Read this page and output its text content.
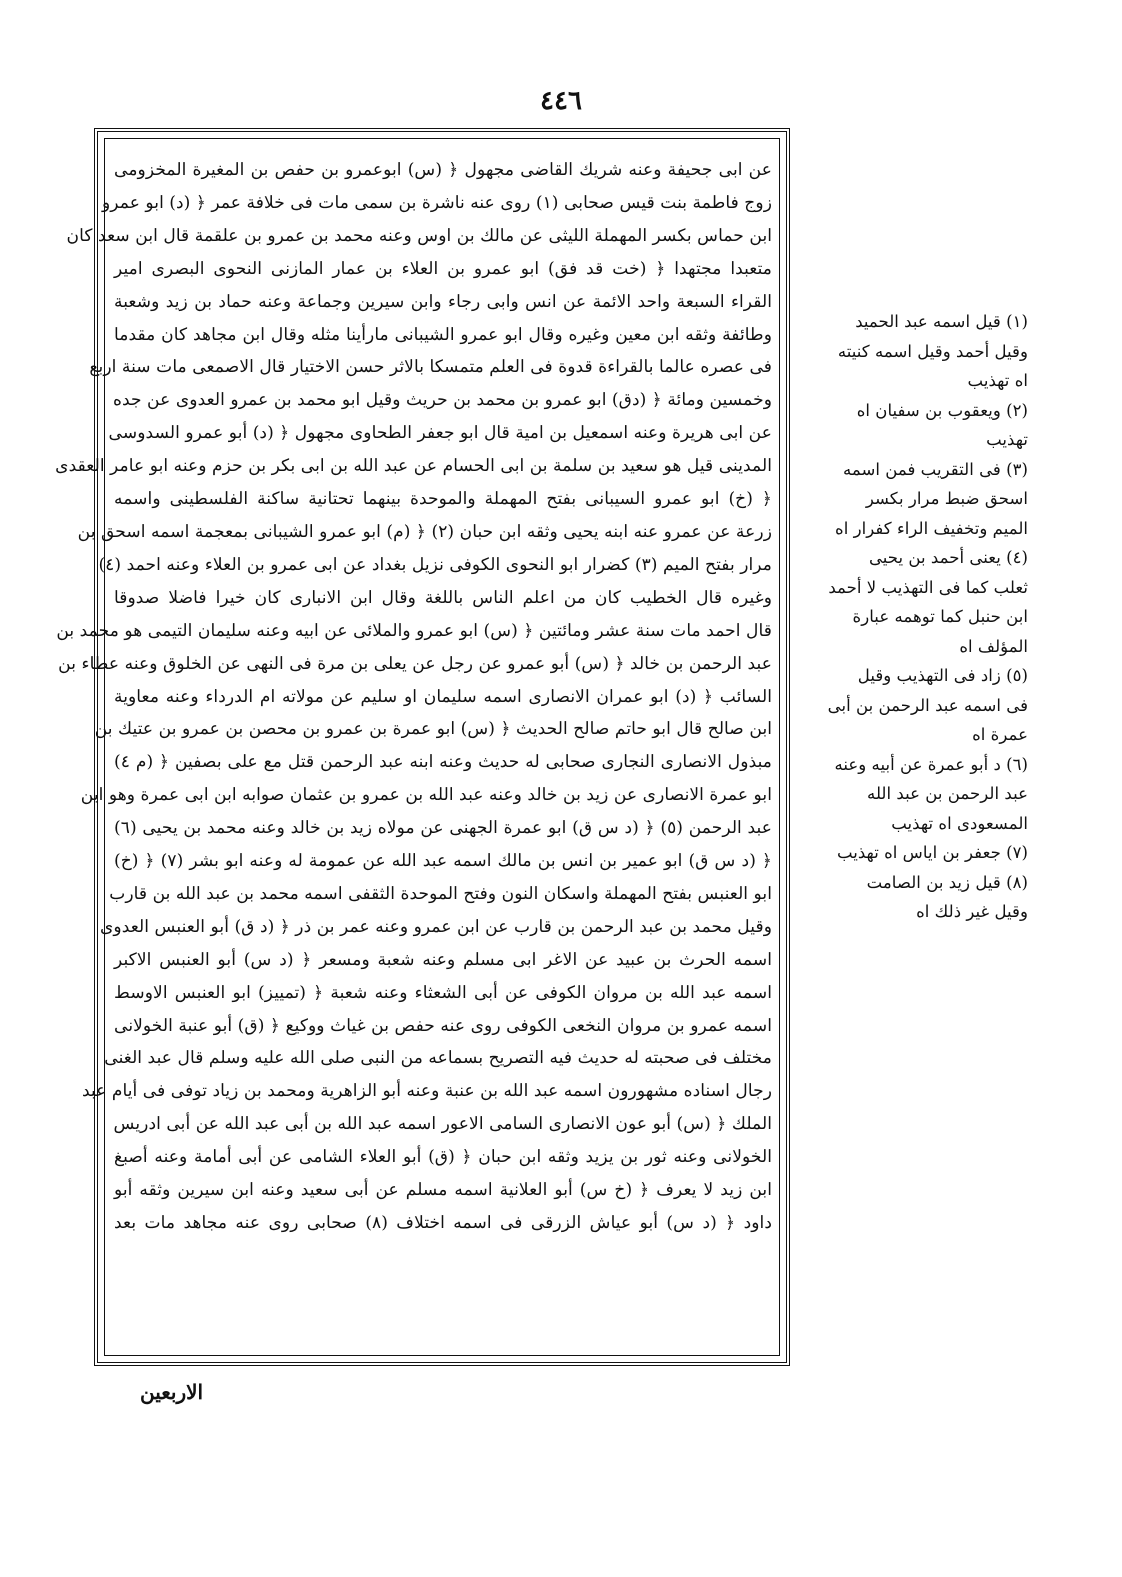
٤٤٦
عن ابی جحیفة وعنه شریك القاضی مجهول ﴿ (س) ابوعمرو بن حفص بن المغیرة المخزومی
زوج فاطمة بنت قیس صحابی (١) روی عنه ناشرة بن سمی مات فی خلافة عمر ﴿ (د) ابو عمرو
ابن حماس بکسر المهملة اللیثی عن مالك بن اوس وعنه محمد بن عمرو بن علقمة قال ابن سعد كان
متعبدا مجتهدا ﴿ (خت قد فق) ابو عمرو بن العلاء بن عمار المازنی النحوی البصری امیر
القراء السبعة واحد الائمة عن انس وابی رجاء وابن سیرین وجماعة وعنه حماد بن زید وشعبة
وطائفة وثقه ابن معین وغیره وقال ابو عمرو الشیبانی مارأینا مثله وقال ابن مجاهد كان مقدما
فی عصره عالما بالقراءة قدوة فی العلم متمسكا بالاثر حسن الاختیار قال الاصمعی مات سنة اربع
وخمسین ومائة ﴿ (دق) ابو عمرو بن محمد بن حریث وقیل ابو محمد بن عمرو العدوی عن جده
عن ابی هریرة وعنه اسمعیل بن امیة قال ابو جعفر الطحاوی مجهول ﴿ (د) أبو عمرو السدوسی
المدینی قیل هو سعید بن سلمة بن ابی الحسام عن عبد الله بن ابی بكر بن حزم وعنه ابو عامر العقدی
﴿ (خ) ابو عمرو السیبانی بفتح المهملة والموحدة بینهما تحتانیة ساكنة الفلسطینی واسمه
زرعة عن عمرو عنه ابنه یحیی وثقه ابن حبان (٢) ﴿ (م) ابو عمرو الشیبانی بمعجمة اسمه اسحق بن
مرار بفتح المیم (٣) كضرار ابو النحوی الكوفی نزیل بغداد عن ابی عمرو بن العلاء وعنه احمد (٤)
وغیره قال الخطیب كان من اعلم الناس باللغة وقال ابن الانباری كان خیرا فاضلا صدوقا
قال احمد مات سنة عشر ومائتین ﴿ (س) ابو عمرو والملائی عن ابیه وعنه سلیمان التیمی هو محمد بن
عبد الرحمن بن خالد ﴿ (س) أبو عمرو عن رجل عن یعلی بن مرة فی النهی عن الخلوق وعنه عطاء بن
السائب ﴿ (د) ابو عمران الانصاری اسمه سلیمان او سلیم عن مولاته ام الدرداء وعنه معاویة
ابن صالح قال ابو حاتم صالح الحدیث ﴿ (س) ابو عمرة بن عمرو بن محصن بن عمرو بن عتیك بن
مبذول الانصاری النجاری صحابی له حدیث وعنه ابنه عبد الرحمن قتل مع علی بصفین ﴿ (م ٤)
ابو عمرة الانصاری عن زید بن خالد وعنه عبد الله بن عمرو بن عثمان صوابه ابن ابی عمرة وهو ابن
عبد الرحمن (٥) ﴿ (د س ق) ابو عمرة الجهنی عن مولاه زید بن خالد وعنه محمد بن یحیی (٦)
﴿ (د س ق) ابو عمیر بن انس بن مالك اسمه عبد الله عن عمومة له وعنه ابو بشر (٧) ﴿ (خ)
ابو العنبس بفتح المهملة واسكان النون وفتح الموحدة الثقفی اسمه محمد بن عبد الله بن قارب
وقیل محمد بن عبد الرحمن بن قارب عن ابن عمرو وعنه عمر بن ذر ﴿ (د ق) أبو العنبس العدوی
اسمه الحرث بن عبید عن الاغر ابی مسلم وعنه شعبة ومسعر ﴿ (د س) أبو العنبس الاكبر
اسمه عبد الله بن مروان الكوفی عن أبی الشعثاء وعنه شعبة ﴿ (تمییز) ابو العنبس الاوسط
اسمه عمرو بن مروان النخعی الكوفی روی عنه حفص بن غیاث ووكیع ﴿ (ق) أبو عنبة الخولانی
مختلف فی صحبته له حدیث فیه التصریح بسماعه من النبی صلی الله علیه وسلم قال عبد الغنی
رجال اسناده مشهورون اسمه عبد الله بن عنبة وعنه أبو الزاهریة ومحمد بن زیاد توفی فی أیام عبد
الملك ﴿ (س) أبو عون الانصاری السامی الاعور اسمه عبد الله بن أبی عبد الله عن أبی ادریس
الخولانی وعنه ثور بن یزید وثقه ابن حبان ﴿ (ق) أبو العلاء الشامی عن أبی أمامة وعنه أصبغ
ابن زید لا یعرف ﴿ (خ س) أبو العلانیة اسمه مسلم عن أبی سعید وعنه ابن سیرین وثقه أبو
داود ﴿ (د س) أبو عیاش الزرقی فی اسمه اختلاف (٨) صحابی روی عنه مجاهد مات بعد
(١) قیل اسمه عبد الحمید
وقیل أحمد وقیل اسمه كنیته
اه تهذیب
(٢) ویعقوب بن سفیان اه
تهذیب
(٣) فی التقریب فمن اسمه
اسحق ضبط مرار بكسر
المیم وتخفیف الراء كفرار اه
(٤) یعنی أحمد بن یحیی
ثعلب كما فی التهذیب لا أحمد
ابن حنبل كما توهمه عبارة
المؤلف اه
(٥) زاد فی التهذیب وقیل
فی اسمه عبد الرحمن بن أبی
عمرة اه
(٦) د أبو عمرة عن أبیه وعنه
عبد الرحمن بن عبد الله
المسعودی اه تهذیب
(٧) جعفر بن ایاس اه تهذیب
(٨) قیل زید بن الصامت
وقیل غیر ذلك اه
الاربعین
